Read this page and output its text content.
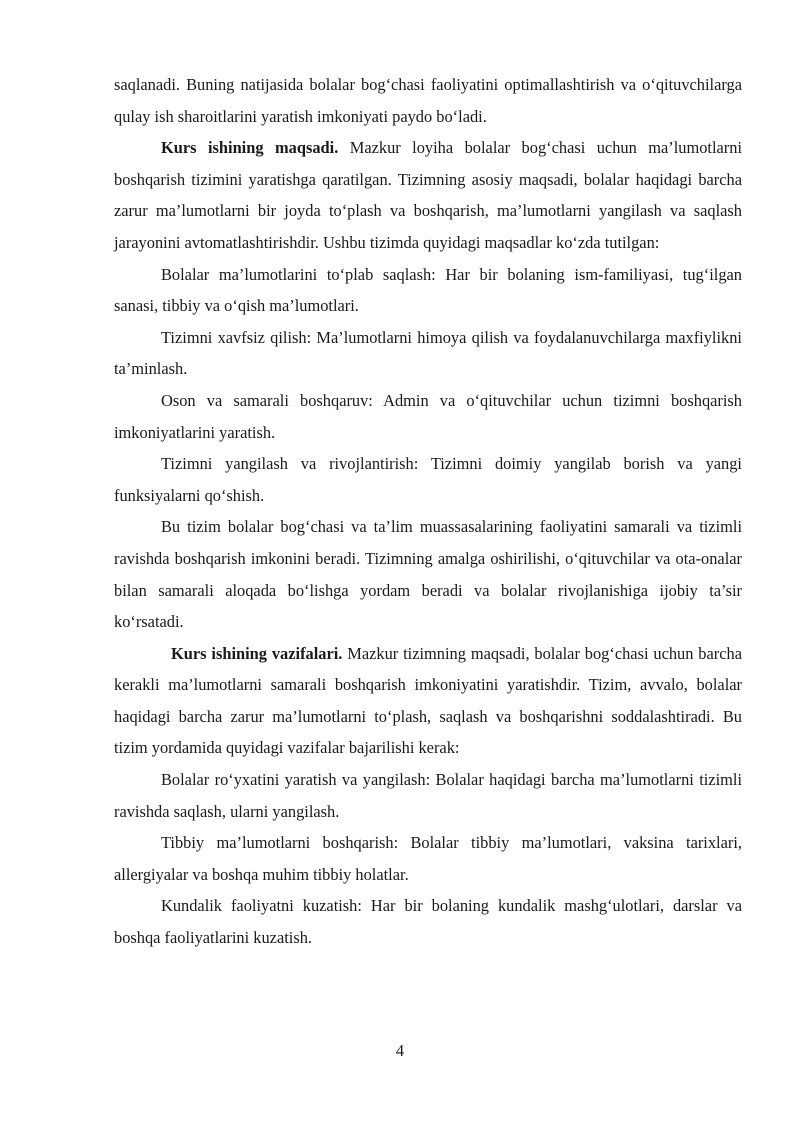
saqlanadi. Buning natijasida bolalar bog‘chasi faoliyatini optimallashtirish va o‘qituvchilarga qulay ish sharoitlarini yaratish imkoniyati paydo bo‘ladi.

Kurs ishining maqsadi. Mazkur loyiha bolalar bog‘chasi uchun ma’lumotlarni boshqarish tizimini yaratishga qaratilgan. Tizimning asosiy maqsadi, bolalar haqidagi barcha zarur ma’lumotlarni bir joyda to‘plash va boshqarish, ma’lumotlarni yangilash va saqlash jarayonini avtomatlashtirishdir. Ushbu tizimda quyidagi maqsadlar ko‘zda tutilgan:

Bolalar ma’lumotlarini to‘plab saqlash: Har bir bolaning ism-familiyasi, tug‘ilgan sanasi, tibbiy va o‘qish ma’lumotlari.

Tizimni xavfsiz qilish: Ma’lumotlarni himoya qilish va foydalanuvchilarga maxfiylikni ta’minlash.

Oson va samarali boshqaruv: Admin va o‘qituvchilar uchun tizimni boshqarish imkoniyatlarini yaratish.

Tizimni yangilash va rivojlantirish: Tizimni doimiy yangilab borish va yangi funksiyalarni qo‘shish.

Bu tizim bolalar bog‘chasi va ta’lim muassasalarining faoliyatini samarali va tizimli ravishda boshqarish imkonini beradi. Tizimning amalga oshirilishi, o‘qituvchilar va ota-onalar bilan samarali aloqada bo‘lishga yordam beradi va bolalar rivojlanishiga ijobiy ta’sir ko‘rsatadi.

Kurs ishining vazifalari. Mazkur tizimning maqsadi, bolalar bog‘chasi uchun barcha kerakli ma’lumotlarni samarali boshqarish imkoniyatini yaratishdir. Tizim, avvalo, bolalar haqidagi barcha zarur ma’lumotlarni to‘plash, saqlash va boshqarishni soddalashtiradi. Bu tizim yordamida quyidagi vazifalar bajarilishi kerak:

Bolalar ro‘yxatini yaratish va yangilash: Bolalar haqidagi barcha ma’lumotlarni tizimli ravishda saqlash, ularni yangilash.

Tibbiy ma’lumotlarni boshqarish: Bolalar tibbiy ma’lumotlari, vaksina tarixlari, allergiyalar va boshqa muhim tibbiy holatlar.

Kundalik faoliyatni kuzatish: Har bir bolaning kundalik mashg‘ulotlari, darslar va boshqa faoliyatlarini kuzatish.

4
